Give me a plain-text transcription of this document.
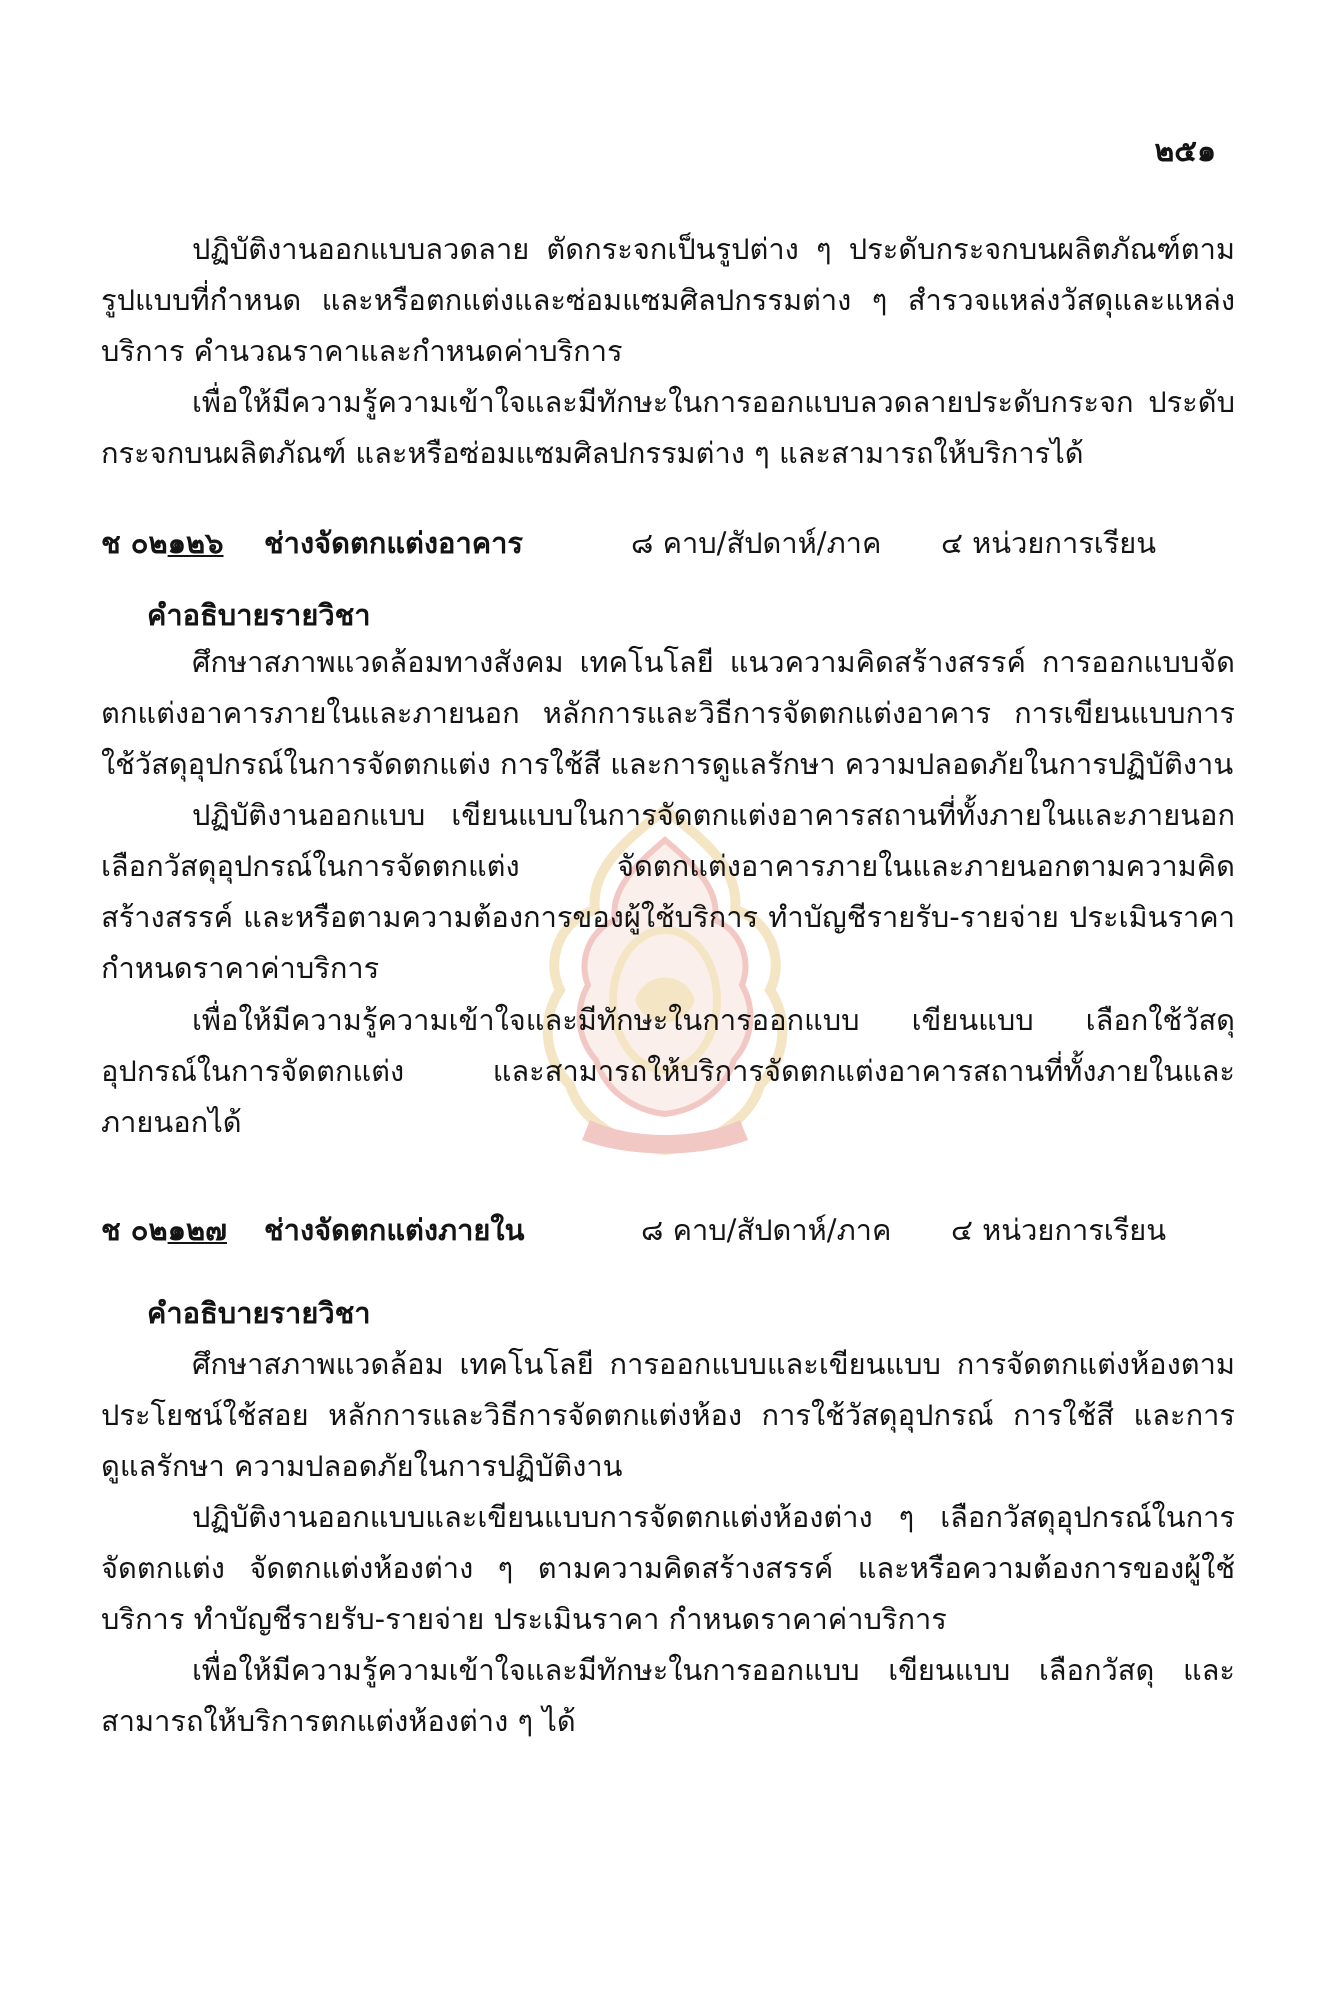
๒๕๑

ปฏิบัติงานออกแบบลวดลาย ตัดกระจกเป็นรูปต่าง ๆ ประดับกระจกบนผลิตภัณฑ์ตามรูปแบบที่กำหนด และหรือตกแต่งและซ่อมแซมศิลปกรรมต่าง ๆ สำรวจแหล่งวัสดุและแหล่งบริการ คำนวณราคาและกำหนดค่าบริการ

เพื่อให้มีความรู้ความเข้าใจและมีทักษะในการออกแบบลวดลายประดับกระจก ประดับกระจกบนผลิตภัณฑ์ และหรือซ่อมแซมศิลปกรรมต่าง ๆ และสามารถให้บริการได้

ช ๐๒๑๒๖ ช่างจัดตกแต่งอาคาร	๘ คาบ/สัปดาห์/ภาค ๔ หน่วยการเรียน
คำอธิบายรายวิชา

ศึกษาสภาพแวดล้อมทางสังคม เทคโนโลยี แนวความคิดสร้างสรรค์ การออกแบบจัดตกแต่งอาคารภายในและภายนอก หลักการและวิธีการจัดตกแต่งอาคาร การเขียนแบบการใช้วัสดุอุปกรณ์ในการจัดตกแต่ง การใช้สี และการดูแลรักษา ความปลอดภัยในการปฏิบัติงาน

ปฏิบัติงานออกแบบ เขียนแบบในการจัดตกแต่งอาคารสถานที่ทั้งภายในและภายนอกเลือกวัสดุอุปกรณ์ในการจัดตกแต่ง จัดตกแต่งอาคารภายในและภายนอกตามความคิดสร้างสรรค์ และหรือตามความต้องการของผู้ใช้บริการ ทำบัญชีรายรับ-รายจ่าย ประเมินราคา กำหนดราคาค่าบริการ

เพื่อให้มีความรู้ความเข้าใจและมีทักษะในการออกแบบ เขียนแบบ เลือกใช้วัสดุอุปกรณ์ในการจัดตกแต่ง และสามารถให้บริการจัดตกแต่งอาคารสถานที่ทั้งภายในและภายนอกได้

ช ๐๒๑๒๗ ช่างจัดตกแต่งภายใน	๘ คาบ/สัปดาห์/ภาค ๔ หน่วยการเรียน
คำอธิบายรายวิชา

ศึกษาสภาพแวดล้อม เทคโนโลยี การออกแบบและเขียนแบบ การจัดตกแต่งห้องตามประโยชน์ใช้สอย หลักการและวิธีการจัดตกแต่งห้อง การใช้วัสดุอุปกรณ์ การใช้สี และการดูแลรักษา ความปลอดภัยในการปฏิบัติงาน

ปฏิบัติงานออกแบบและเขียนแบบการจัดตกแต่งห้องต่าง ๆ เลือกวัสดุอุปกรณ์ในการจัดตกแต่ง จัดตกแต่งห้องต่าง ๆ ตามความคิดสร้างสรรค์ และหรือความต้องการของผู้ใช้บริการ ทำบัญชีรายรับ-รายจ่าย ประเมินราคา กำหนดราคาค่าบริการ

เพื่อให้มีความรู้ความเข้าใจและมีทักษะในการออกแบบ เขียนแบบ เลือกวัสดุ และสามารถให้บริการตกแต่งห้องต่าง ๆ ได้
